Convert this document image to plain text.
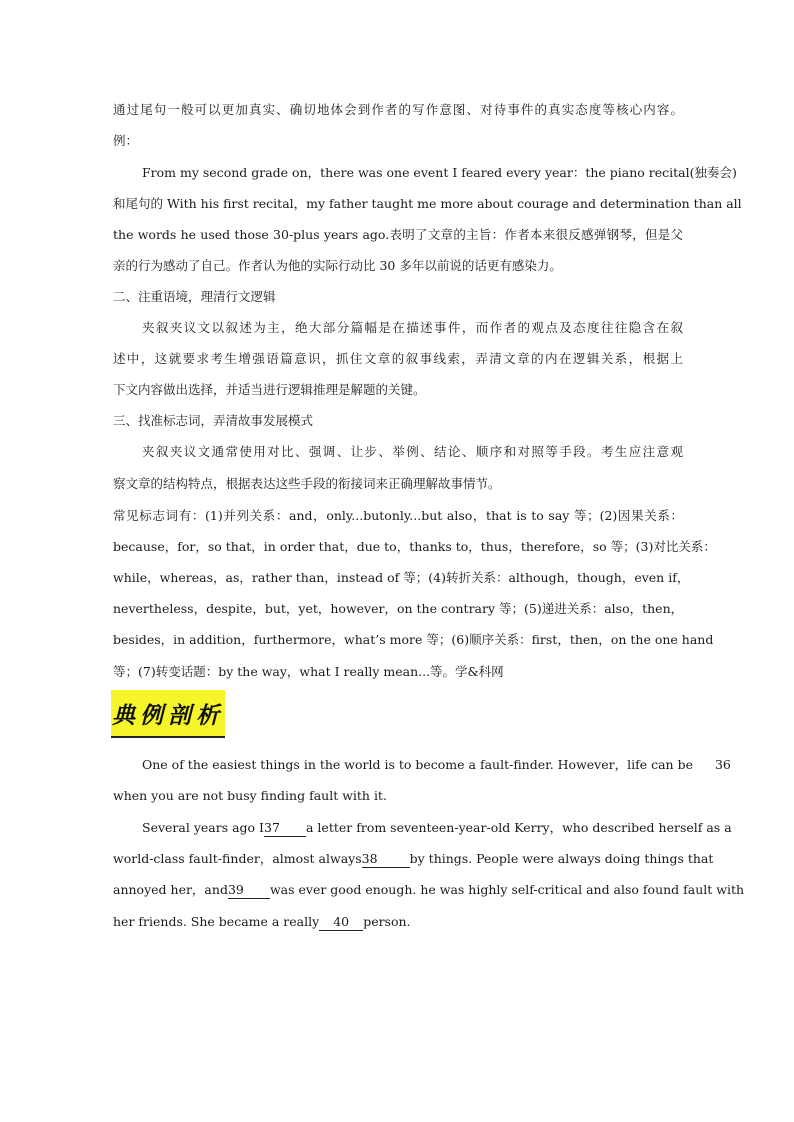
通过尾句一般可以更加真实、确切地体会到作者的写作意图、对待事件的真实态度等核心内容。
例：
From my second grade on，there was one event I feared every year：the piano recital(独奏会)
和尾句的 With his first recital，my father taught me more about courage and determination than all
the words he used those 30-plus years ago.表明了文章的主旨：作者本来很反感弹钢琴，但是父
亲的行为感动了自己。作者认为他的实际行动比 30 多年以前说的话更有感染力。
二、注重语境，理清行文逻辑
夹叙夹议文以叙述为主，绝大部分篇幅是在描述事件，而作者的观点及态度往往隐含在叙
述中，这就要求考生增强语篇意识，抓住文章的叙事线索，弄清文章的内在逻辑关系，根据上
下文内容做出选择，并适当进行逻辑推理是解题的关键。
三、找准标志词，弄清故事发展模式
夹叙夹议文通常使用对比、强调、让步、举例、结论、顺序和对照等手段。考生应注意观
察文章的结构特点，根据表达这些手段的衔接词来正确理解故事情节。
常见标志词有：(1)并列关系：and，only...butonly...but also，that is to say 等；(2)因果关系：
because，for，so that，in order that，due to，thanks to，thus，therefore，so 等；(3)对比关系：
while，whereas，as，rather than，instead of 等；(4)转折关系：although，though，even if，
nevertheless，despite，but，yet，however，on the contrary 等；(5)递进关系：also，then，
besides，in addition，furthermore，what’s more 等；(6)顺序关系：first，then，on the one hand
等；(7)转变话题：by the way，what I really mean...等。学&科网
典例剖析
One of the easiest things in the world is to become a fault-finder. However，life can be 36
when you are not busy finding fault with it.
Several years ago I37 a letter from seventeen-year-old Kerry，who described herself as a
world-class fault-finder，almost always38	by things. People were always doing things that
annoyed her，and39 was ever good enough. he was highly self-critical and also found fault with
her friends. She became a really 40 person.
